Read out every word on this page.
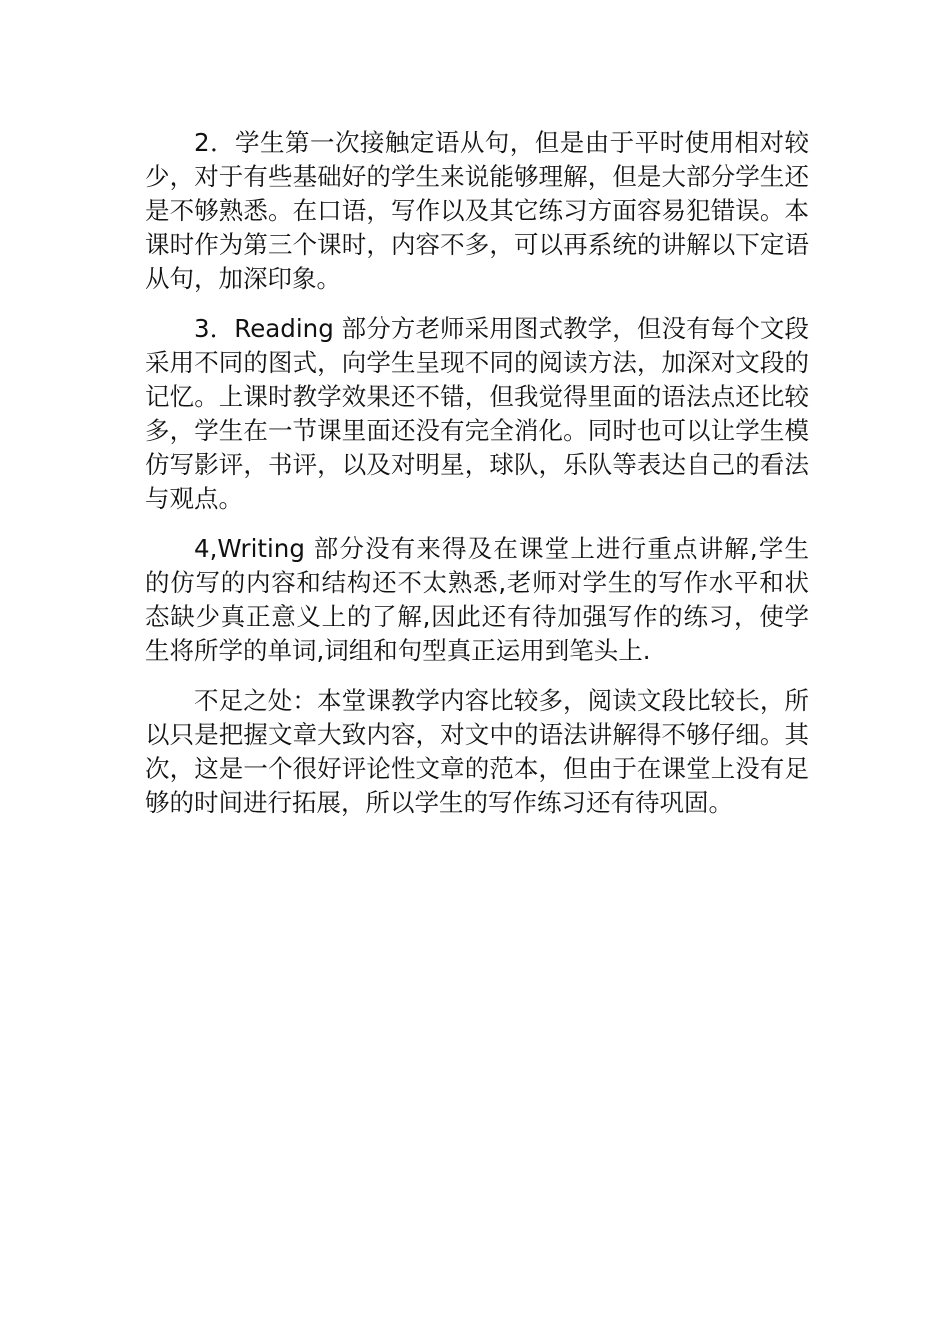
2．学生第一次接触定语从句，但是由于平时使用相对较少，对于有些基础好的学生来说能够理解，但是大部分学生还是不够熟悉。在口语，写作以及其它练习方面容易犯错误。本课时作为第三个课时，内容不多，可以再系统的讲解以下定语从句，加深印象。

3．Reading 部分方老师采用图式教学，但没有每个文段采用不同的图式，向学生呈现不同的阅读方法，加深对文段的记忆。上课时教学效果还不错，但我觉得里面的语法点还比较多，学生在一节课里面还没有完全消化。同时也可以让学生模仿写影评，书评，以及对明星，球队，乐队等表达自己的看法与观点。

4,Writing 部分没有来得及在课堂上进行重点讲解,学生的仿写的内容和结构还不太熟悉,老师对学生的写作水平和状态缺少真正意义上的了解,因此还有待加强写作的练习，使学生将所学的单词,词组和句型真正运用到笔头上.

不足之处：本堂课教学内容比较多，阅读文段比较长，所以只是把握文章大致内容，对文中的语法讲解得不够仔细。其次，这是一个很好评论性文章的范本，但由于在课堂上没有足够的时间进行拓展，所以学生的写作练习还有待巩固。
